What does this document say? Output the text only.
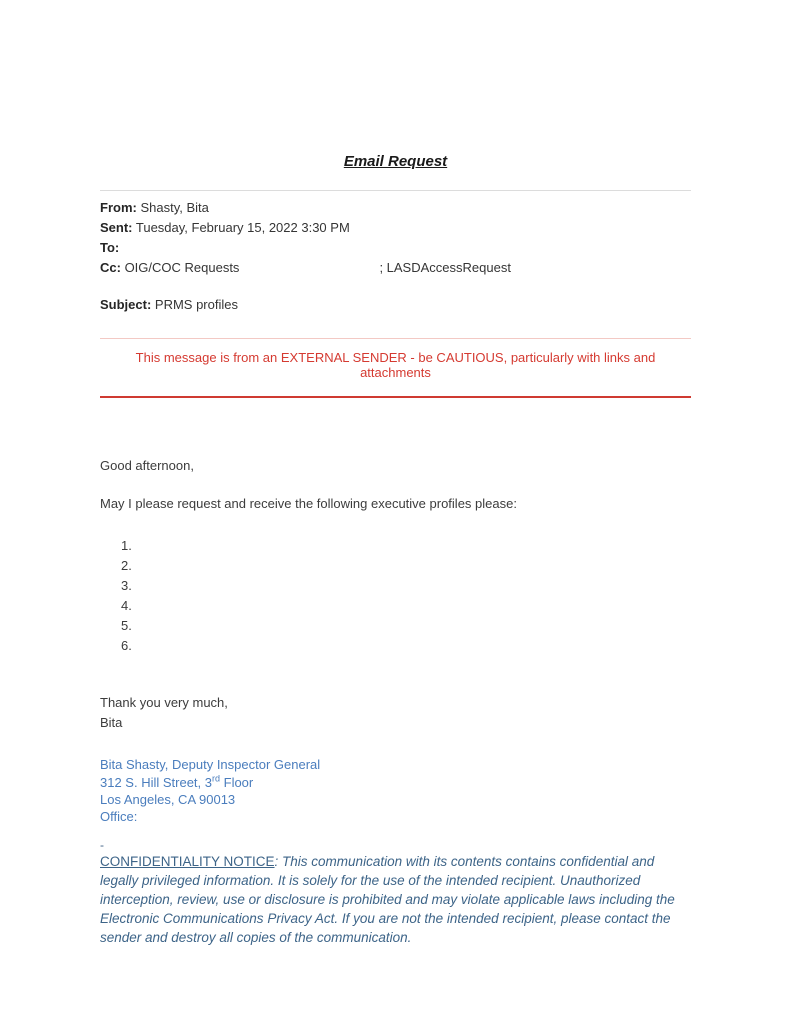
Email Request
From: Shasty, Bita
Sent: Tuesday, February 15, 2022 3:30 PM
To:
Cc: OIG/COC Requests	; LASDAccessRequest
Subject: PRMS profiles
This message is from an EXTERNAL SENDER - be CAUTIOUS, particularly with links and attachments

Good afternoon,

May I please request and receive the following executive profiles please:

1.
2.
3.
4.
5.
6.

Thank you very much,

Bita

Bita Shasty, Deputy Inspector General

312 S. Hill Street, 3rd Floor

Los Angeles, CA 90013

Office:

-

CONFIDENTIALITY NOTICE: This communication with its contents contains confidential and legally privileged information. It is solely for the use of the intended recipient. Unauthorized interception, review, use or disclosure is prohibited and may violate applicable laws including the Electronic Communications Privacy Act. If you are not the intended recipient, please contact the sender and destroy all copies of the communication.
